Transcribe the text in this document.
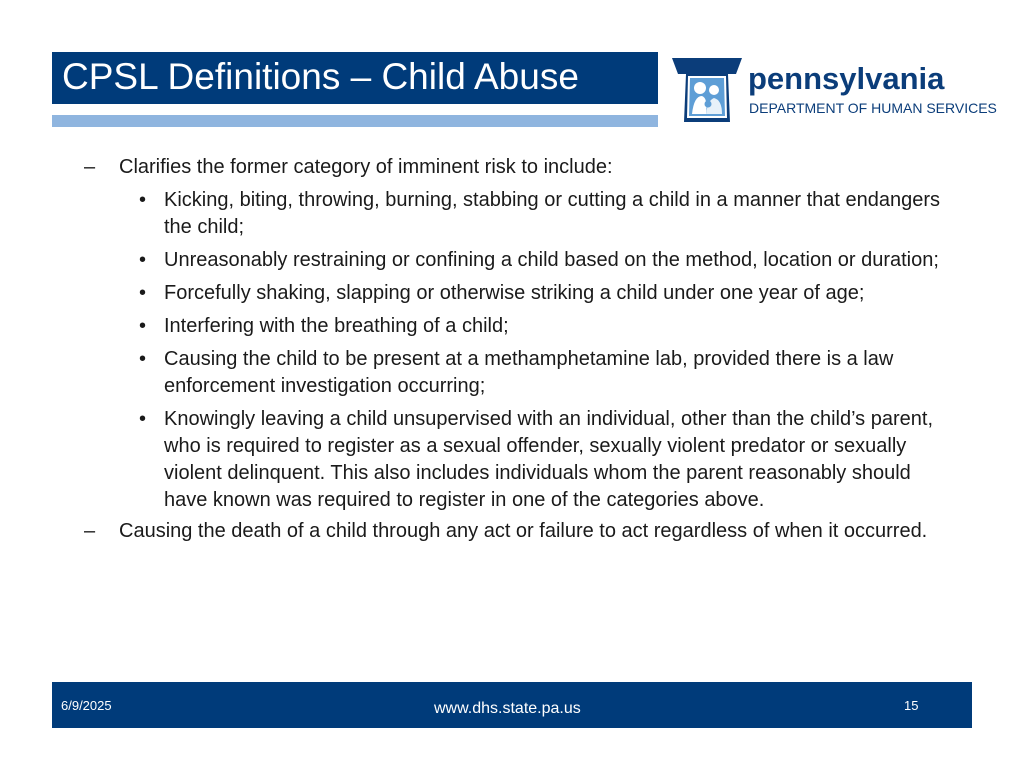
CPSL Definitions – Child Abuse	pennsylvania
DEPARTMENT OF HUMAN SERVICES
– Clarifies the former category of imminent risk to include:
• Kicking, biting, throwing, burning, stabbing or cutting a child in a manner that endangers the child;
• Unreasonably restraining or confining a child based on the method, location or duration;
• Forcefully shaking, slapping or otherwise striking a child under one year of age;
• Interfering with the breathing of a child;
• Causing the child to be present at a methamphetamine lab, provided there is a law enforcement investigation occurring;
• Knowingly leaving a child unsupervised with an individual, other than the child’s parent, who is required to register as a sexual offender, sexually violent predator or sexually violent delinquent. This also includes individuals whom the parent reasonably should have known was required to register in one of the categories above.
– Causing the death of a child through any act or failure to act regardless of when it occurred.
6/9/2025	www.dhs.state.pa.us	15
